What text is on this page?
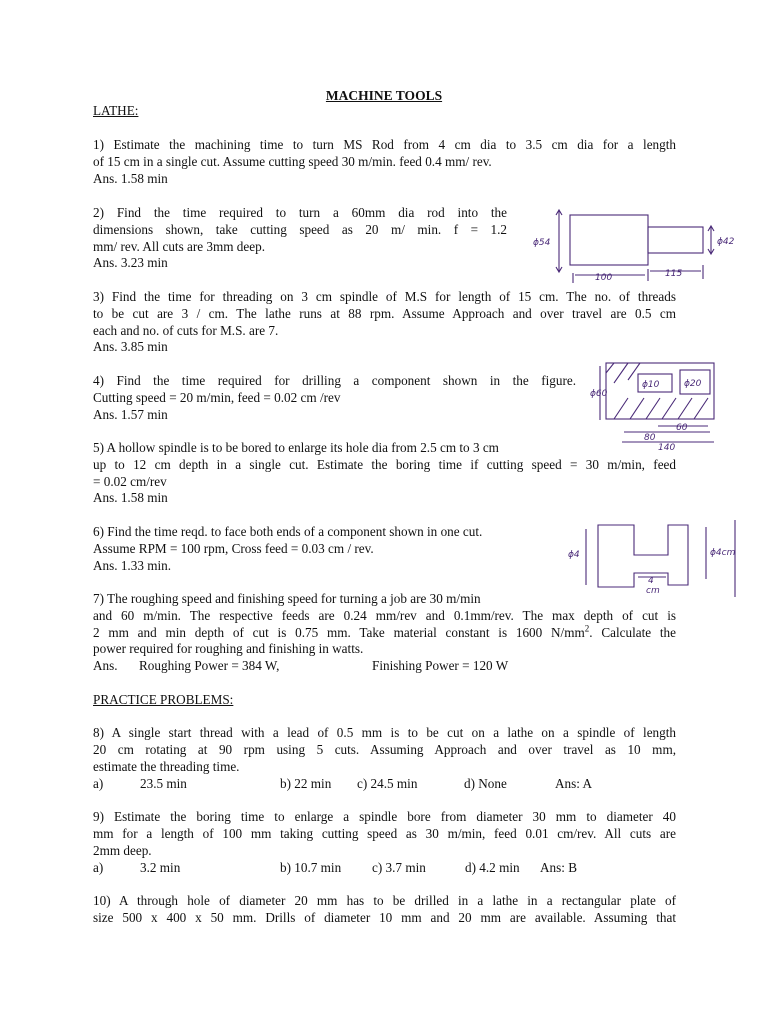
MACHINE TOOLS
LATHE:
1) Estimate the machining time to turn MS Rod from 4 cm dia to 3.5 cm dia for a length
of 15 cm in a single cut. Assume cutting speed 30 m/min. feed 0.4 mm/ rev.
Ans. 1.58 min
2) Find the time required to turn a 60mm dia rod into the
dimensions shown, take cutting speed as 20 m/ min. f = 1.2
mm/ rev. All cuts are 3mm deep.
Ans. 3.23 min
ϕ54	ϕ42
100	115
3) Find the time for threading on 3 cm spindle of M.S for length of 15 cm. The no. of threads
to be cut are 3 / cm. The lathe runs at 88 rpm. Assume Approach and over travel are 0.5 cm
each and no. of cuts for M.S. are 7.
Ans. 3.85 min
4) Find the time required for drilling a component shown in the figure.
Cutting speed = 20 m/min, feed = 0.02 cm /rev
Ans. 1.57 min
ϕ10	ϕ20
ϕ60
60
80
140
5) A hollow spindle is to be bored to enlarge its hole dia from 2.5 cm to 3 cm
up to 12 cm depth in a single cut. Estimate the boring time if cutting speed = 30 m/min, feed
= 0.02 cm/rev
Ans. 1.58 min
6) Find the time reqd. to face both ends of a component shown in one cut.
Assume RPM = 100 rpm, Cross feed = 0.03 cm / rev.
Ans. 1.33 min.
ϕ4	ϕ4cm
4
cm
7) The roughing speed and finishing speed for turning a job are 30 m/min
and 60 m/min. The respective feeds are 0.24 mm/rev and 0.1mm/rev. The max depth of cut is
2 mm and min depth of cut is 0.75 mm. Take material constant is 1600 $N/mm^2$. Calculate the
power required for roughing and finishing in watts.
Ans. Roughing Power = 384 W,	Finishing Power = 120 W
PRACTICE PROBLEMS:
8) A single start thread with a lead of 0.5 mm is to be cut on a lathe on a spindle of length
20 cm rotating at 90 rpm using 5 cuts. Assuming Approach and over travel as 10 mm,
estimate the threading time.
a)	23.5 min	b) 22 min c) 24.5 min	d) None	Ans: A
9) Estimate the boring time to enlarge a spindle bore from diameter 30 mm to diameter 40
mm for a length of 100 mm taking cutting speed as 30 m/min, feed 0.01 cm/rev. All cuts are
2mm deep.
a)	3.2 min	b) 10.7 min c) 3.7 min	d) 4.2 min Ans: B
10) A through hole of diameter 20 mm has to be drilled in a lathe in a rectangular plate of
size 500 x 400 x 50 mm. Drills of diameter 10 mm and 20 mm are available. Assuming that
